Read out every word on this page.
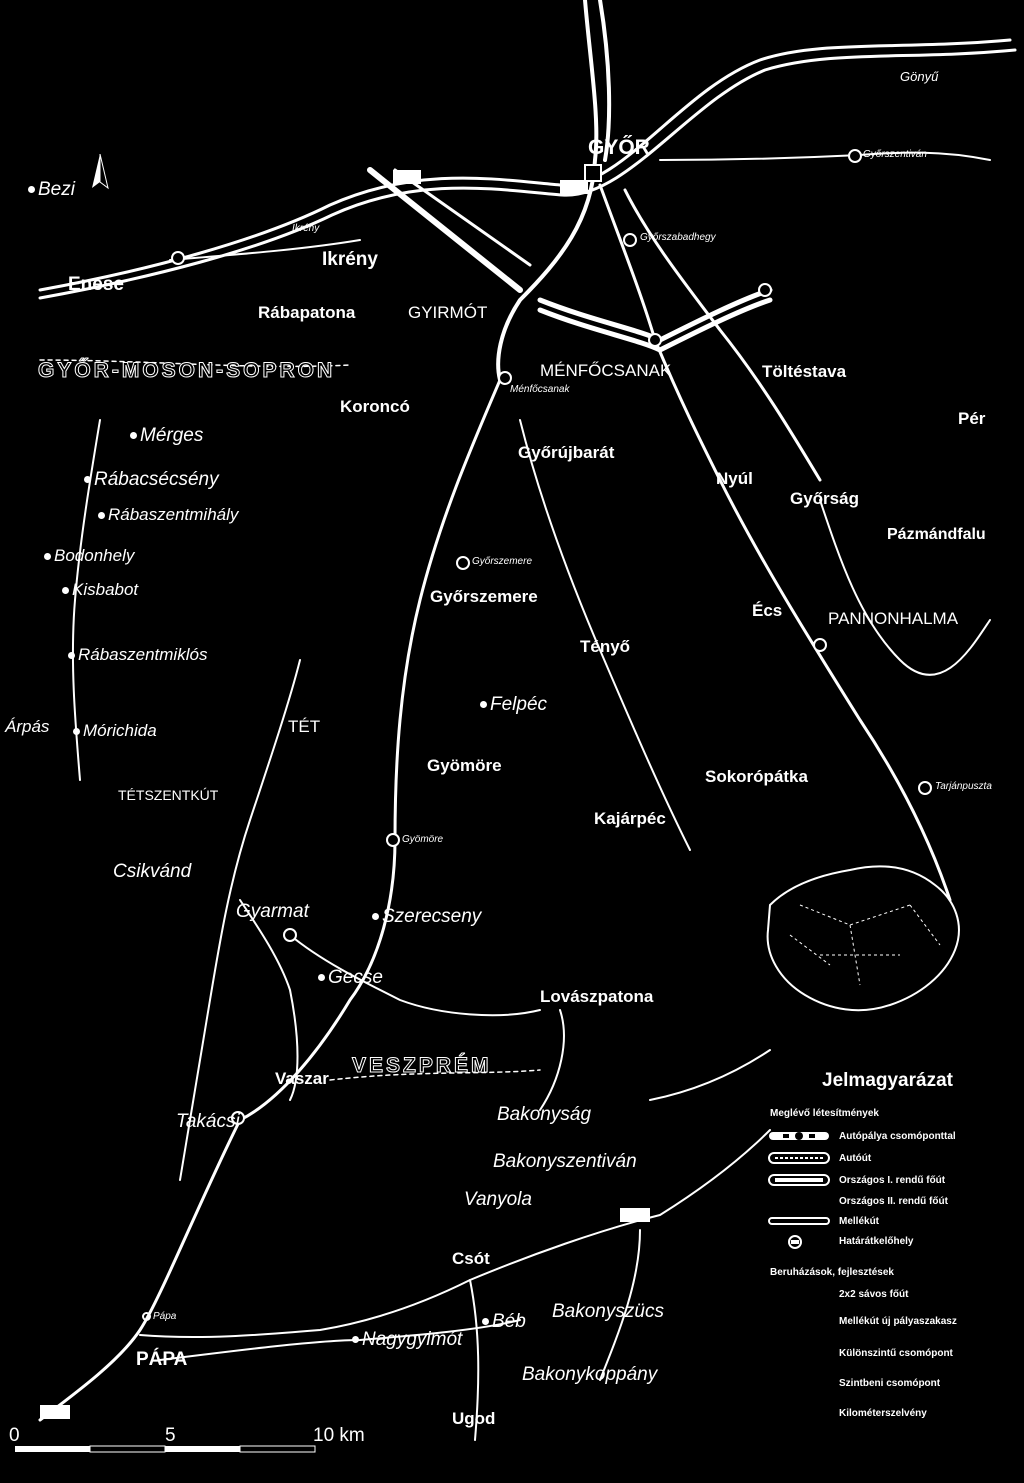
GYŐR-MOSON-SOPRON
VESZPRÉM
GYŐR	Győrszentiván
Gönyű
Bezi
Enese
Ikrény
Ikrény
Rábapatona	GYIRMÓT
Győrszabadhegy
MÉNFŐCSANAK
Ménfőcsanak
Töltéstava
Pér
Koroncó
Mérges
Győrújbarát
Rábacsécsény
Rábaszentmihály
Nyúl
Győrság
Pázmándfalu
Bodonhely
Kisbabot
Győrszemere
Győrszemere
Écs	PANNONHALMA
Tényő
Rábaszentmiklós
Felpéc
Árpás	Mórichida	TÉT
Gyömöre
Sokorópátka
Tarjánpuszta
TÉTSZENTKÚT
Kajárpéc
Gyömöre
Csikvánd
Gyarmat	Szerecseny
Gecse
Lovászpatona
Vaszar
Takácsi	Bakonyság
Bakonyszentiván
Vanyola
Csót
Pápa
PÁPA
Nagygyimót
Béb Bakonyszücs
Bakonykoppány
Ugod
0	5	10 km
Jelmagyarázat
Meglévő létesítmények
Autópálya csomóponttal
Autóút
Országos I. rendű főút
Országos II. rendű főút
Mellékút
Határátkelőhely
Beruházások, fejlesztések
2x2 sávos főút
Mellékút új pályaszakasz
Különszintű csomópont
Szintbeni csomópont
Kilométerszelvény
